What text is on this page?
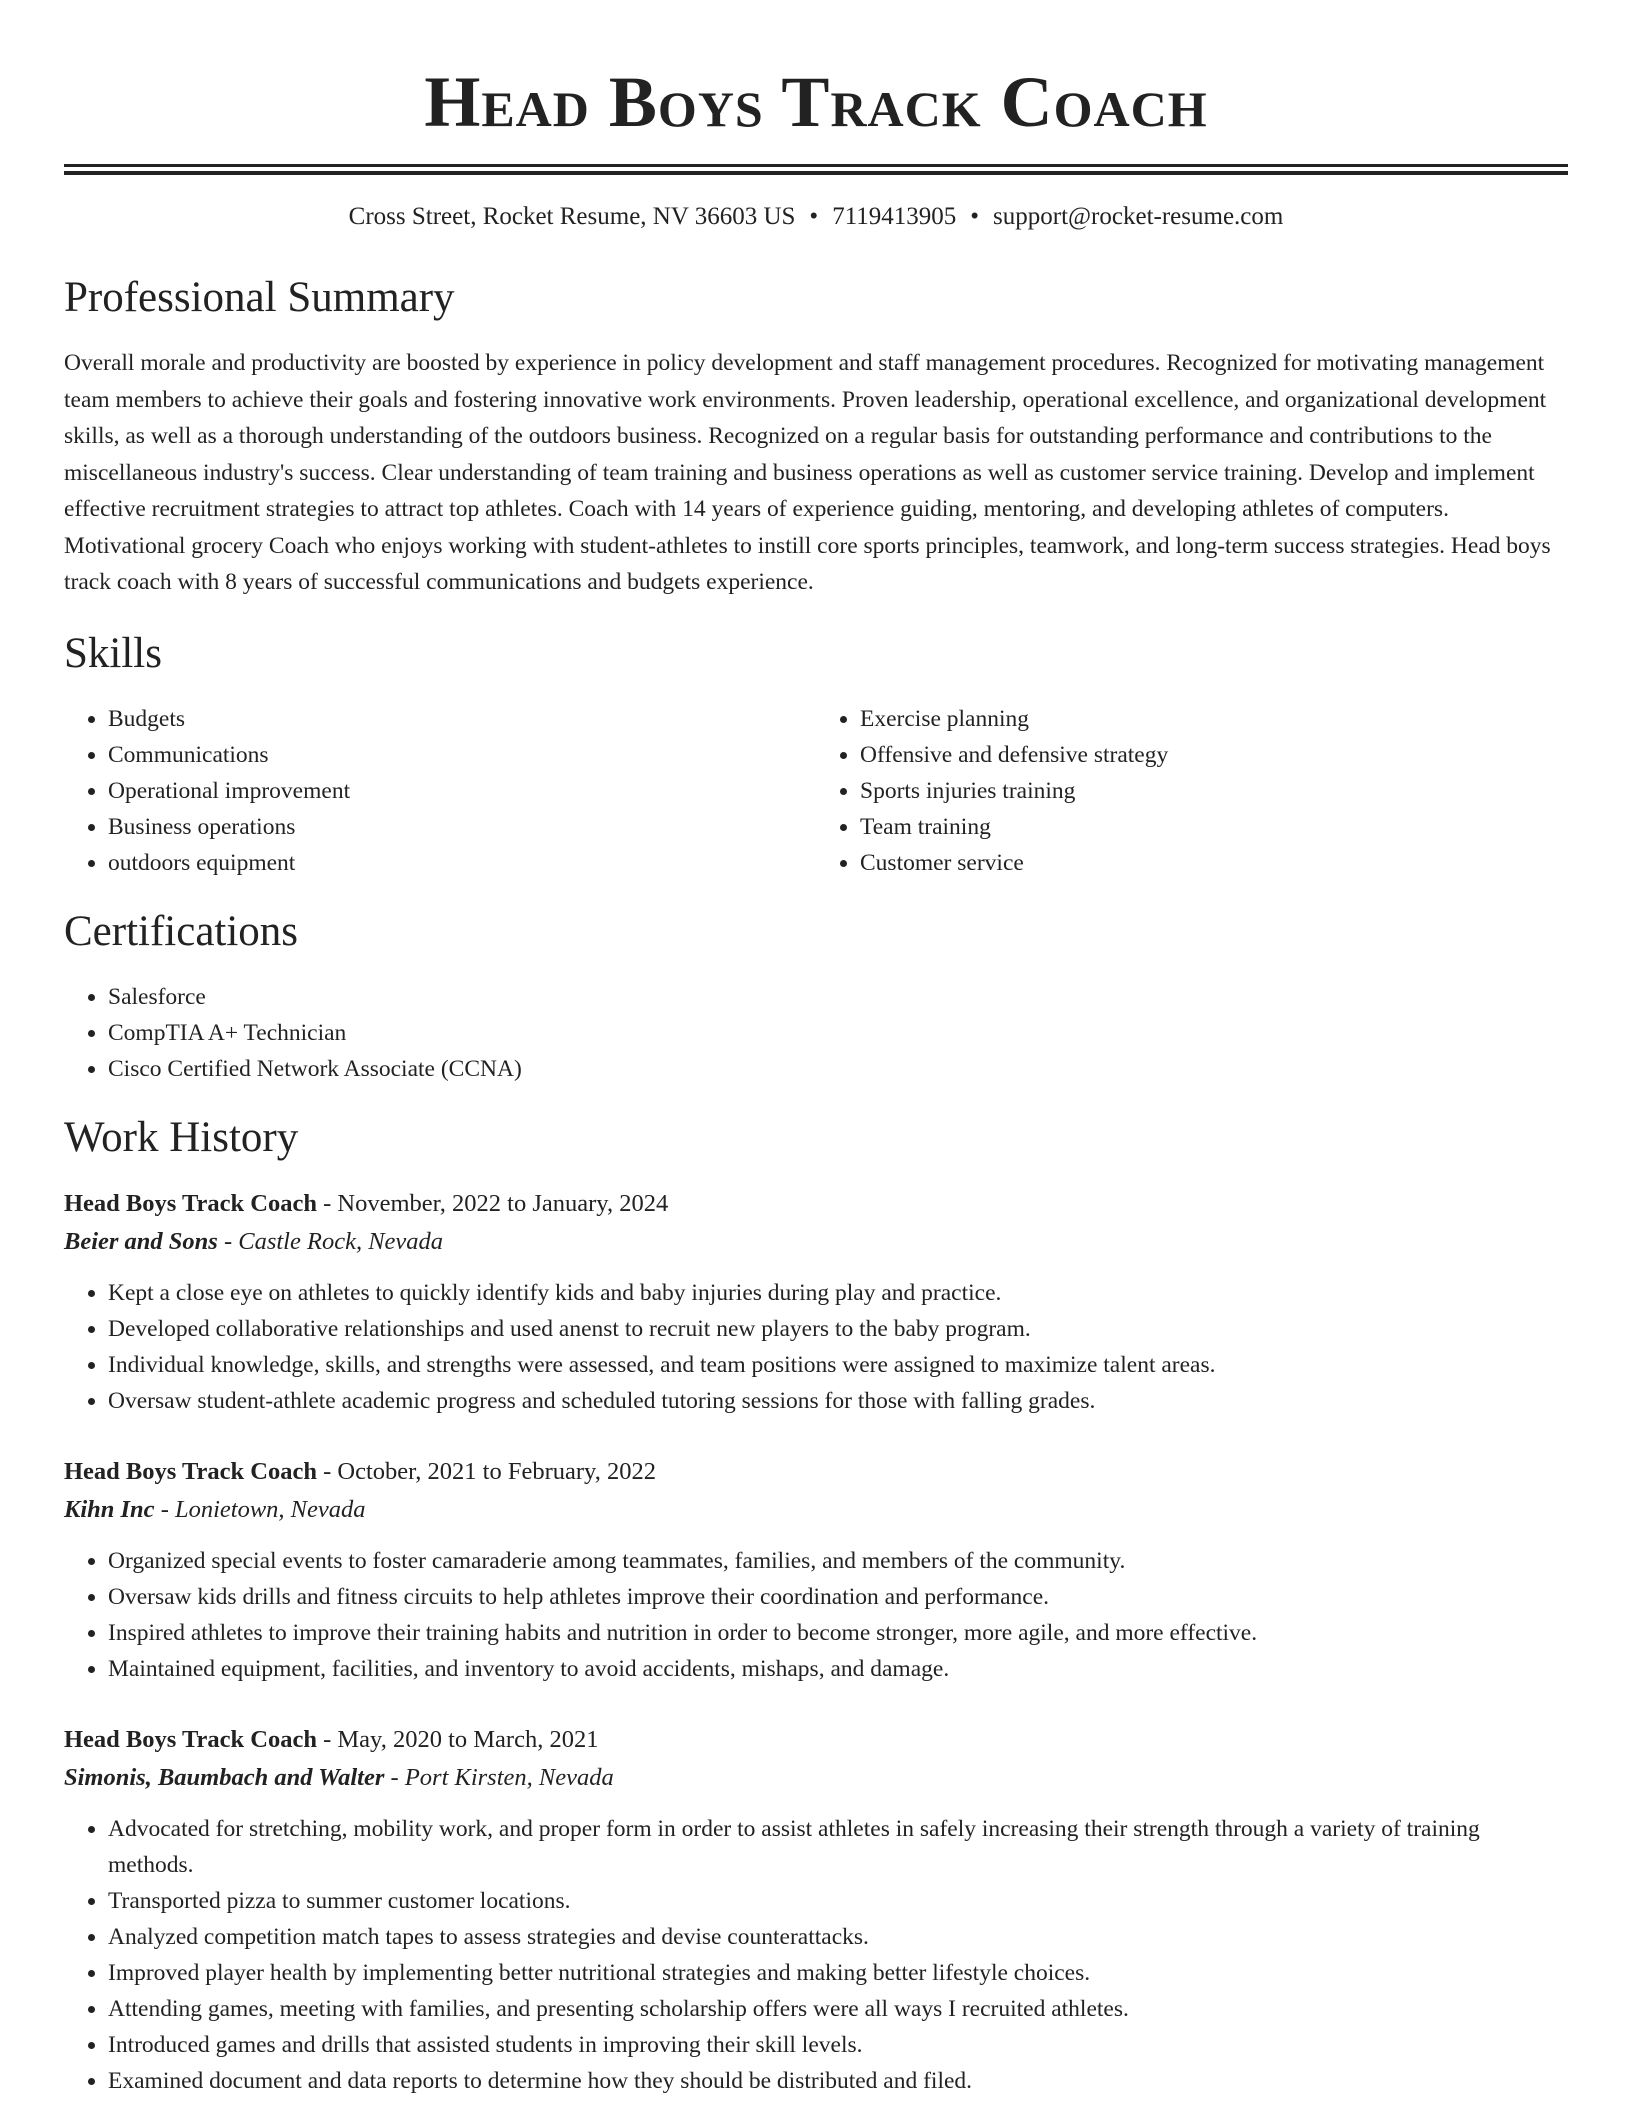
Head Boys Track Coach
Cross Street, Rocket Resume, NV 36603 US • 7119413905 • support@rocket-resume.com
Professional Summary
Overall morale and productivity are boosted by experience in policy development and staff management procedures. Recognized for motivating management team members to achieve their goals and fostering innovative work environments. Proven leadership, operational excellence, and organizational development skills, as well as a thorough understanding of the outdoors business. Recognized on a regular basis for outstanding performance and contributions to the miscellaneous industry's success. Clear understanding of team training and business operations as well as customer service training. Develop and implement effective recruitment strategies to attract top athletes. Coach with 14 years of experience guiding, mentoring, and developing athletes of computers. Motivational grocery Coach who enjoys working with student-athletes to instill core sports principles, teamwork, and long-term success strategies. Head boys track coach with 8 years of successful communications and budgets experience.
Skills
• Budgets
• Communications
• Operational improvement
• Business operations
• outdoors equipment
• Exercise planning
• Offensive and defensive strategy
• Sports injuries training
• Team training
• Customer service
Certifications
• Salesforce
• CompTIA A+ Technician
• Cisco Certified Network Associate (CCNA)
Work History
Head Boys Track Coach - November, 2022 to January, 2024
Beier and Sons - Castle Rock, Nevada
• Kept a close eye on athletes to quickly identify kids and baby injuries during play and practice.
• Developed collaborative relationships and used anenst to recruit new players to the baby program.
• Individual knowledge, skills, and strengths were assessed, and team positions were assigned to maximize talent areas.
• Oversaw student-athlete academic progress and scheduled tutoring sessions for those with falling grades.
Head Boys Track Coach - October, 2021 to February, 2022
Kihn Inc - Lonietown, Nevada
• Organized special events to foster camaraderie among teammates, families, and members of the community.
• Oversaw kids drills and fitness circuits to help athletes improve their coordination and performance.
• Inspired athletes to improve their training habits and nutrition in order to become stronger, more agile, and more effective.
• Maintained equipment, facilities, and inventory to avoid accidents, mishaps, and damage.
Head Boys Track Coach - May, 2020 to March, 2021
Simonis, Baumbach and Walter - Port Kirsten, Nevada
• Advocated for stretching, mobility work, and proper form in order to assist athletes in safely increasing their strength through a variety of training methods.
• Transported pizza to summer customer locations.
• Analyzed competition match tapes to assess strategies and devise counterattacks.
• Improved player health by implementing better nutritional strategies and making better lifestyle choices.
• Attending games, meeting with families, and presenting scholarship offers were all ways I recruited athletes.
• Introduced games and drills that assisted students in improving their skill levels.
• Examined document and data reports to determine how they should be distributed and filed.
